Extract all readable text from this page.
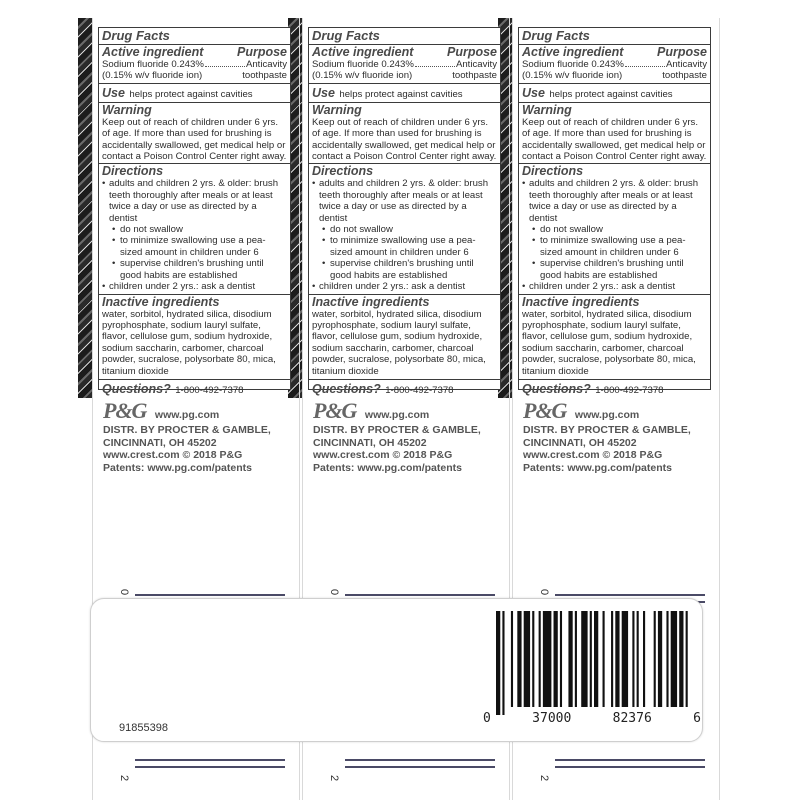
Drug Facts
Active ingredient	Purpose
Sodium fluoride 0.243%	Anticavity
(0.15% w/v fluoride ion)	toothpaste
Use helps protect against cavities
Warning
Keep out of reach of children under 6 yrs. of age. If more than used for brushing is accidentally swallowed, get medical help or contact a Poison Control Center right away.
Directions
• adults and children 2 yrs. & older: brush teeth thoroughly after meals or at least twice a day or use as directed by a dentist
• do not swallow
• to minimize swallowing use a pea-sized amount in children under 6
• supervise children's brushing until good habits are established
• children under 2 yrs.: ask a dentist
Inactive ingredients
water, sorbitol, hydrated silica, disodium pyrophosphate, sodium lauryl sulfate, flavor, cellulose gum, sodium hydroxide, sodium saccharin, carbomer, charcoal powder, sucralose, polysorbate 80, mica, titanium dioxide
Questions? 1-800-492-7378
P&G www.pg.com
DISTR. BY PROCTER & GAMBLE,
CINCINNATI, OH 45202
www.crest.com © 2018 P&G
Patents: www.pg.com/patents
0
2
Drug Facts
Active ingredient	Purpose
Sodium fluoride 0.243%	Anticavity
(0.15% w/v fluoride ion)	toothpaste
Use helps protect against cavities
Warning
Keep out of reach of children under 6 yrs. of age. If more than used for brushing is accidentally swallowed, get medical help or contact a Poison Control Center right away.
Directions
• adults and children 2 yrs. & older: brush teeth thoroughly after meals or at least twice a day or use as directed by a dentist
• do not swallow
• to minimize swallowing use a pea-sized amount in children under 6
• supervise children's brushing until good habits are established
• children under 2 yrs.: ask a dentist
Inactive ingredients
water, sorbitol, hydrated silica, disodium pyrophosphate, sodium lauryl sulfate, flavor, cellulose gum, sodium hydroxide, sodium saccharin, carbomer, charcoal powder, sucralose, polysorbate 80, mica, titanium dioxide
Questions? 1-800-492-7378
P&G www.pg.com
DISTR. BY PROCTER & GAMBLE,
CINCINNATI, OH 45202
www.crest.com © 2018 P&G
Patents: www.pg.com/patents
0
2
Drug Facts
Active ingredient	Purpose
Sodium fluoride 0.243%	Anticavity
(0.15% w/v fluoride ion)	toothpaste
Use helps protect against cavities
Warning
Keep out of reach of children under 6 yrs. of age. If more than used for brushing is accidentally swallowed, get medical help or contact a Poison Control Center right away.
Directions
• adults and children 2 yrs. & older: brush teeth thoroughly after meals or at least twice a day or use as directed by a dentist
• do not swallow
• to minimize swallowing use a pea-sized amount in children under 6
• supervise children's brushing until good habits are established
• children under 2 yrs.: ask a dentist
Inactive ingredients
water, sorbitol, hydrated silica, disodium pyrophosphate, sodium lauryl sulfate, flavor, cellulose gum, sodium hydroxide, sodium saccharin, carbomer, charcoal powder, sucralose, polysorbate 80, mica, titanium dioxide
Questions? 1-800-492-7378
P&G www.pg.com
DISTR. BY PROCTER & GAMBLE,
CINCINNATI, OH 45202
www.crest.com © 2018 P&G
Patents: www.pg.com/patents
0
2
91855398
0	37000	82376	6
